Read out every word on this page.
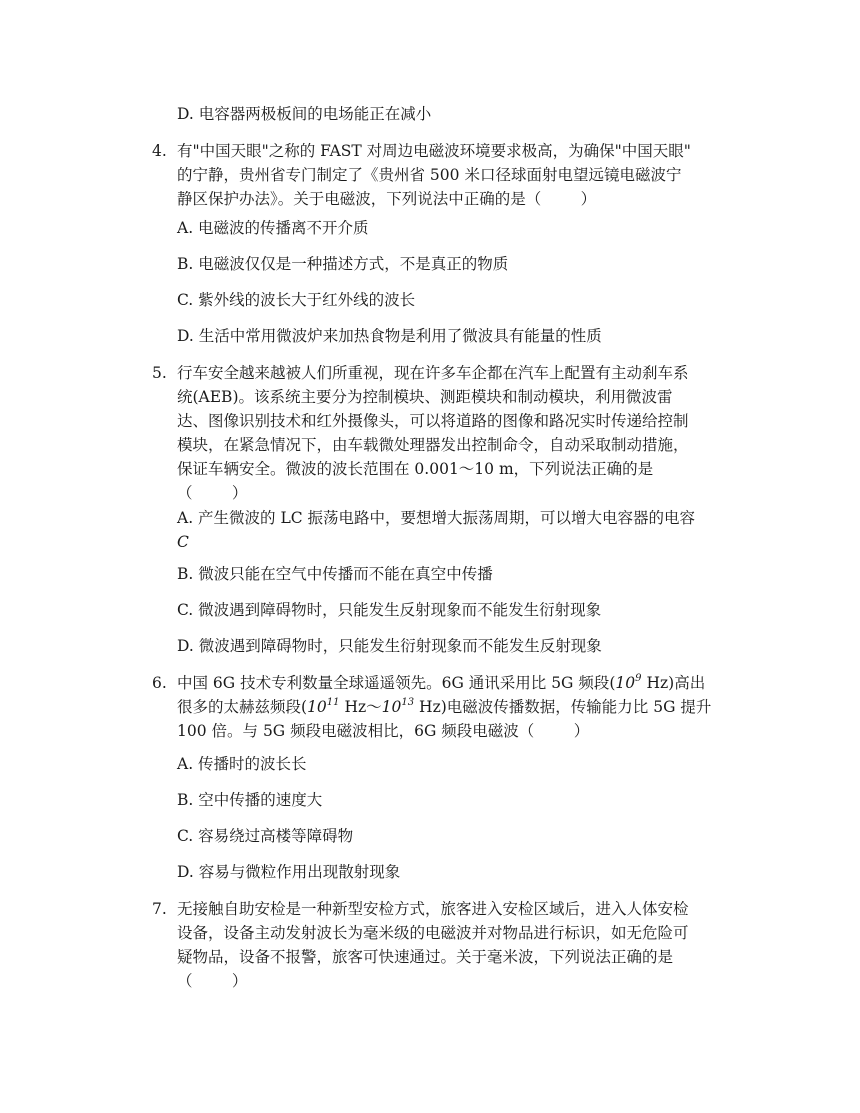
D. 电容器两极板间的电场能正在减小
4. 有"中国天眼"之称的 FAST 对周边电磁波环境要求极高，为确保"中国天眼"
的宁静，贵州省专门制定了《贵州省 500 米口径球面射电望远镜电磁波宁
静区保护办法》。关于电磁波，下列说法中正确的是（        ）
A. 电磁波的传播离不开介质
B. 电磁波仅仅是一种描述方式，不是真正的物质
C. 紫外线的波长大于红外线的波长
D. 生活中常用微波炉来加热食物是利用了微波具有能量的性质
5. 行车安全越来越被人们所重视，现在许多车企都在汽车上配置有主动刹车系
统(AEB)。该系统主要分为控制模块、测距模块和制动模块，利用微波雷
达、图像识别技术和红外摄像头，可以将道路的图像和路况实时传递给控制
模块，在紧急情况下，由车载微处理器发出控制命令，自动采取制动措施，
保证车辆安全。微波的波长范围在 0.001～10 m，下列说法正确的是
（        ）
A. 产生微波的 LC 振荡电路中，要想增大振荡周期，可以增大电容器的电容
C
B. 微波只能在空气中传播而不能在真空中传播
C. 微波遇到障碍物时，只能发生反射现象而不能发生衍射现象
D. 微波遇到障碍物时，只能发生衍射现象而不能发生反射现象
6. 中国 6G 技术专利数量全球遥遥领先。6G 通讯采用比 5G 频段($10^9$ Hz)高出
很多的太赫兹频段($10^{11}$ $Hz\sim 10^{13}$ Hz)电磁波传播数据，传输能力比 5G 提升
100 倍。与 5G 频段电磁波相比，6G 频段电磁波（        ）
A. 传播时的波长长
B. 空中传播的速度大
C. 容易绕过高楼等障碍物
D. 容易与微粒作用出现散射现象
7. 无接触自助安检是一种新型安检方式，旅客进入安检区域后，进入人体安检
设备，设备主动发射波长为毫米级的电磁波并对物品进行标识，如无危险可
疑物品，设备不报警，旅客可快速通过。关于毫米波，下列说法正确的是
（        ）
